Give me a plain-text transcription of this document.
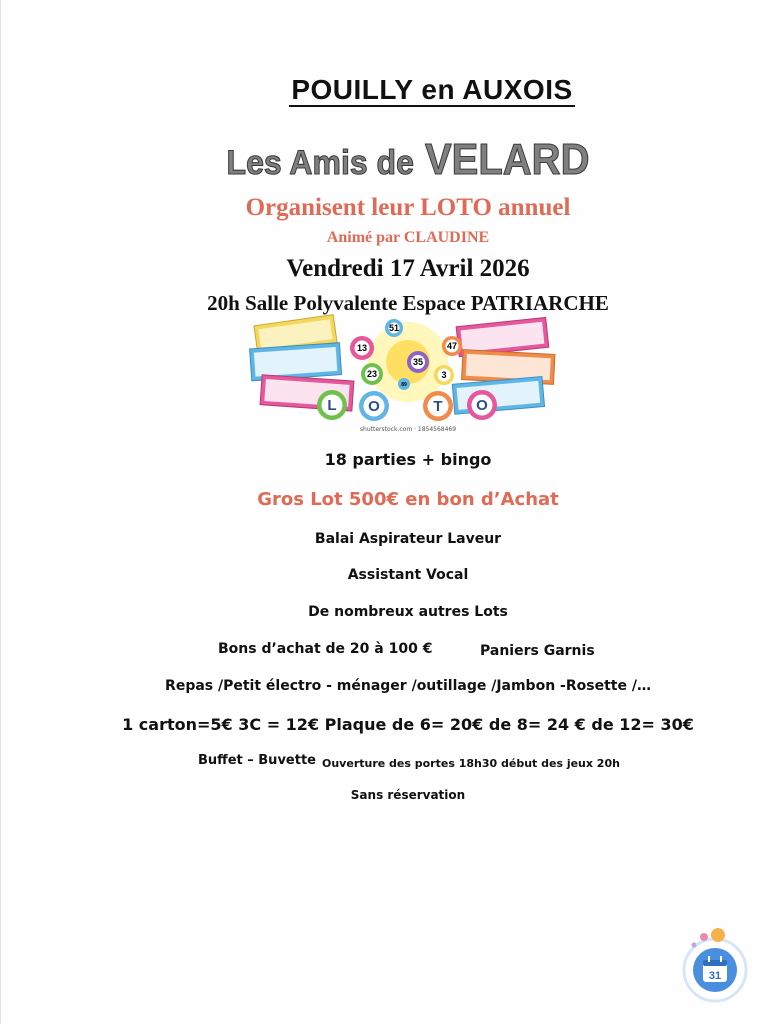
POUILLY en AUXOIS
Les Amis de VELARD
Organisent leur LOTO annuel
Animé par CLAUDINE
Vendredi 17 Avril 2026
20h Salle Polyvalente Espace PATRIARCHE
51
13	47
35
23	3
89
L O	T O
shutterstock.com · 1854568469
18 parties + bingo
Gros Lot 500€ en bon d’Achat
Balai Aspirateur Laveur
Assistant Vocal
De nombreux autres Lots
Bons d’achat de 20 à 100 €	Paniers Garnis
Repas /Petit électro - ménager /outillage /Jambon -Rosette /…
1 carton=5€ 3C = 12€ Plaque de 6= 20€ de 8= 24 € de 12= 30€
Buffet – Buvette Ouverture des portes 18h30 début des jeux 20h
Sans réservation
31
